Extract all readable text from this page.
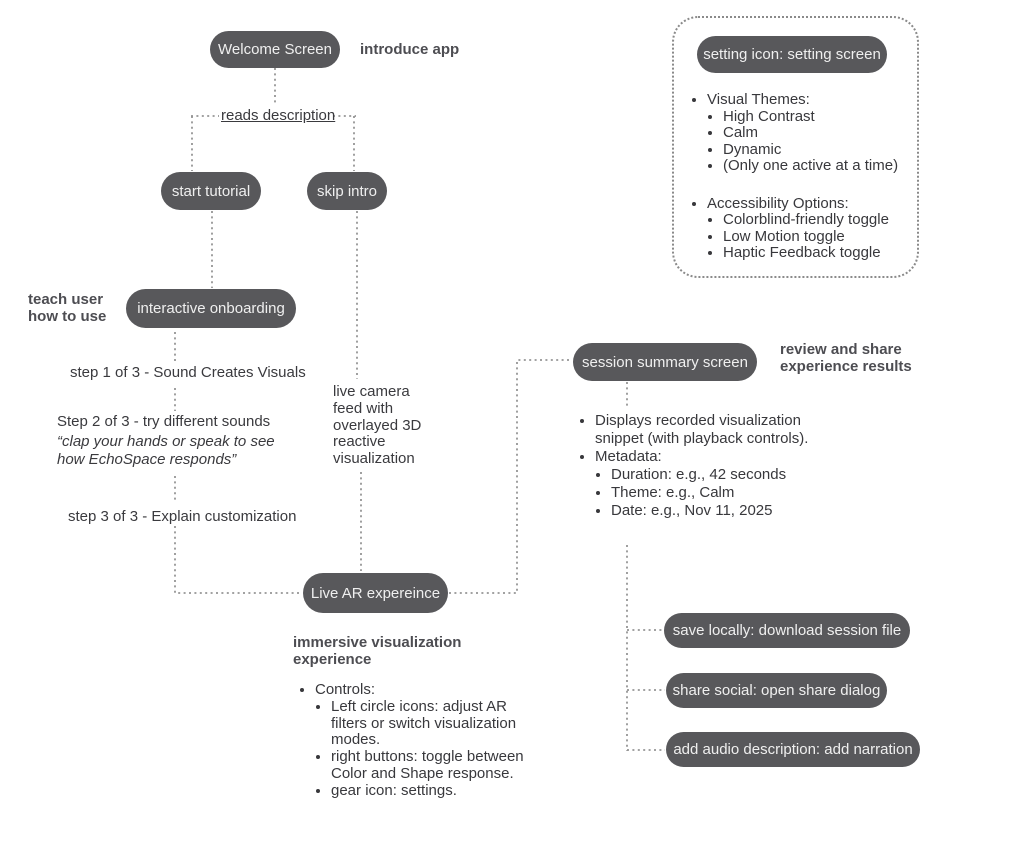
Welcome Screen
start tutorial	skip intro
interactive onboarding
Live AR expereince
session summary screen
save locally: download session file
share social: open share dialog
add audio description: add narration
introduce app
reads description
teach user how to use
step 1 of 3 - Sound Creates Visuals
Step 2 of 3 - try different sounds
“clap your hands or speak to see how EchoSpace responds”
step 3 of 3 - Explain customization
live camera feed with overlayed 3D reactive visualization
immersive visualization experience
review and share experience results
setting icon: setting screen
• Visual Themes:
• High Contrast
• Calm
• Dynamic
• (Only one active at a time)
• Accessibility Options:
• Colorblind-friendly toggle
• Low Motion toggle
• Haptic Feedback toggle
• Displays recorded visualization snippet (with playback controls).
• Metadata:
• Duration: e.g., 42 seconds
• Theme: e.g., Calm
• Date: e.g., Nov 11, 2025
• Controls:
• Left circle icons: adjust AR filters or switch visualization modes.
• right buttons: toggle between Color and Shape response.
• gear icon: settings.
